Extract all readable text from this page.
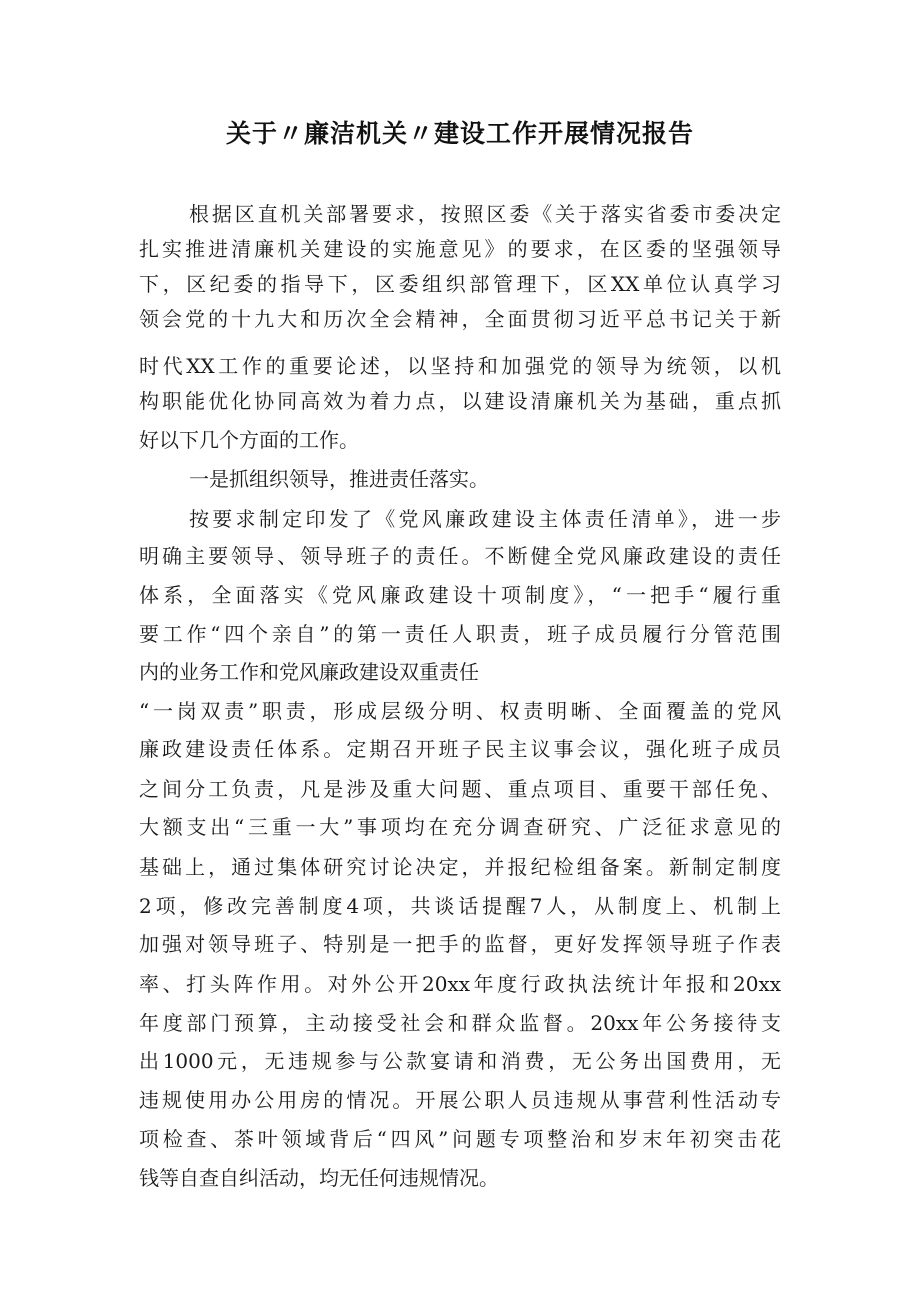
关于〃廉洁机关〃建设工作开展情况报告

根据区直机关部署要求，按照区委《关于落实省委市委决定

扎实推进清廉机关建设的实施意见》的要求，在区委的坚强领导

下，区纪委的指导下，区委组织部管理下，区XX单位认真学习

领会党的十九大和历次全会精神，全面贯彻习近平总书记关于新

时代XX工作的重要论述，以坚持和加强党的领导为统领，以机

构职能优化协同高效为着力点，以建设清廉机关为基础，重点抓

好以下几个方面的工作。

一是抓组织领导，推进责任落实。

按要求制定印发了《党风廉政建设主体责任清单》，进一步

明确主要领导、领导班子的责任。不断健全党风廉政建设的责任

体系，全面落实《党风廉政建设十项制度》，“一把手“履行重

要工作“四个亲自”的第一责任人职责，班子成员履行分管范围

内的业务工作和党风廉政建设双重责任

“一岗双责”职责，形成层级分明、权责明晰、全面覆盖的党风

廉政建设责任体系。定期召开班子民主议事会议，强化班子成员

之间分工负责，凡是涉及重大问题、重点项目、重要干部任免、

大额支出“三重一大”事项均在充分调查研究、广泛征求意见的

基础上，通过集体研究讨论决定，并报纪检组备案。新制定制度

2项，修改完善制度4项，共谈话提醒7人，从制度上、机制上

加强对领导班子、特别是一把手的监督，更好发挥领导班子作表

率、打头阵作用。对外公开20xx年度行政执法统计年报和20xx

年度部门预算，主动接受社会和群众监督。20xx年公务接待支

出1000元，无违规参与公款宴请和消费，无公务出国费用，无

违规使用办公用房的情况。开展公职人员违规从事营利性活动专

项检查、茶叶领域背后“四风”问题专项整治和岁末年初突击花

钱等自查自纠活动，均无任何违规情况。
